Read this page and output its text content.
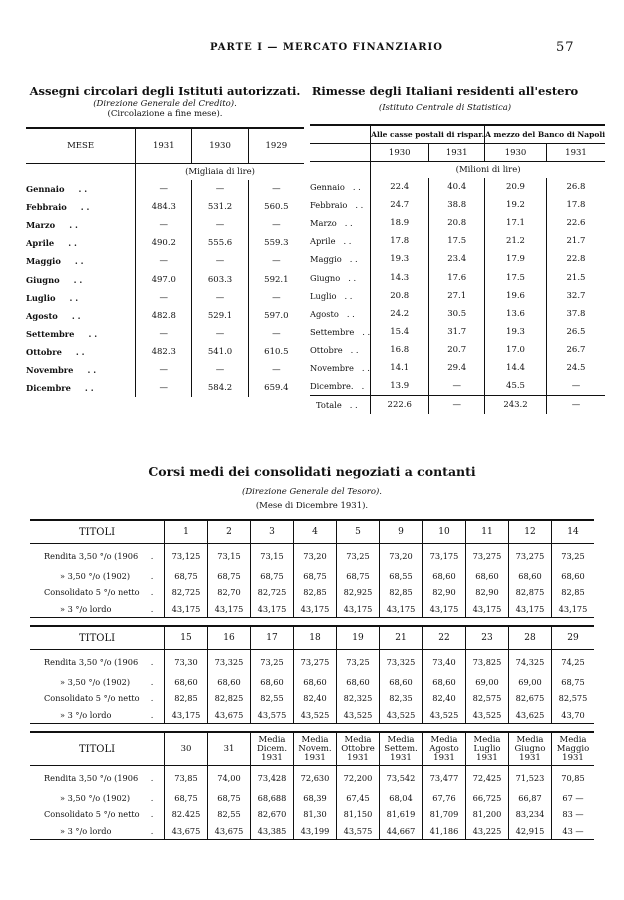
PARTE I — MERCATO FINANZIARIO	57
Assegni circolari degli Istituti autorizzati.
(Direzione Generale del Credito).
(Circolazione a fine mese).
MESE	1931	1930	1929
	(Migliaia di lire)		
Gennaio . .	—	—	—
Febbraio . .	484.3	531.2	560.5
Marzo . .	—	—	—
Aprile . .	490.2	555.6	559.3
Maggio . .	—	—	—
Giugno . .	497.0	603.3	592.1
Luglio . .	—	—	—
Agosto . .	482.8	529.1	597.0
Settembre . .	—	—	—
Ottobre . .	482.3	541.0	610.5
Novembre . .	—	—	—
Dicembre . .	—	584.2	659.4
Rimesse degli Italiani residenti all'estero
(Istituto Centrale di Statistica)
	Alle casse postali di rispar.		A mezzo del Banco di Napoli	
	1930	1931	1930	1931
	(Milioni di lire)			
Gennaio . .	22.4	40.4	20.9	26.8
Febbraio . .	24.7	38.8	19.2	17.8
Marzo . .	18.9	20.8	17.1	22.6
Aprile . .	17.8	17.5	21.2	21.7
Maggio . .	19.3	23.4	17.9	22.8
Giugno . .	14.3	17.6	17.5	21.5
Luglio . .	20.8	27.1	19.6	32.7
Agosto . .	24.2	30.5	13.6	37.8
Settembre . .	15.4	31.7	19.3	26.5
Ottobre . .	16.8	20.7	17.0	26.7
Novembre . .	14.1	29.4	14.4	24.5
Dicembre. .	13.9	—	45.5	—
Totale . .	222.6	—	243.2	—
Corsi medi dei consolidati negoziati a contanti
(Direzione Generale del Tesoro).
(Mese di Dicembre 1931).
TITOLI		1	2	3	4	5	9	10	11	12	14
Rendita 3,50 °/o (1906	.	73,125	73,15	73,15	73,20	73,25	73,20	73,175	73,275	73,275	73,25
» 3,50 °/o (1902)	.	68,75	68,75	68,75	68,75	68,75	68,55	68,60	68,60	68,60	68,60
Consolidato 5 °/o netto	.	82,725	82,70	82,725	82,85	82,925	82,85	82,90	82,90	82,875	82,85
» 3 °/o lordo	.	43,175	43,175	43,175	43,175	43,175	43,175	43,175	43,175	43,175	43,175

TITOLI		15	16	17	18	19	21	22	23	28	29
Rendita 3,50 °/o (1906	.	73,30	73,325	73,25	73,275	73,25	73,325	73,40	73,825	74,325	74,25
» 3,50 °/o (1902)	.	68,60	68,60	68,60	68,60	68,60	68,60	68,60	69,00	69,00	68,75
Consolidato 5 °/o netto	.	82,85	82,825	82,55	82,40	82,325	82,35	82,40	82,575	82,675	82,575
» 3 °/o lordo	.	43,175	43,675	43,575	43,525	43,525	43,525	43,525	43,525	43,625	43,70

TITOLI		30	31	Media Dicem. 1931	Media Novem. 1931	Media Ottobre 1931	Media Settem. 1931	Media Agosto 1931	Media Luglio 1931	Media Giugno 1931	Media Maggio 1931
Rendita 3,50 °/o (1906	.	73,85	74,00	73,428	72,630	72,200	73,542	73,477	72,425	71,523	70,85
» 3,50 °/o (1902)	.	68,75	68,75	68,688	68,39	67,45	68,04	67,76	66,725	66,87	67 —
Consolidato 5 °/o netto	.	82.425	82,55	82,670	81,30	81,150	81,619	81,709	81,200	83,234	83 —
» 3 °/o lordo	.	43,675	43,675	43,385	43,199	43,575	44,667	41,186	43,225	42,915	43 —
